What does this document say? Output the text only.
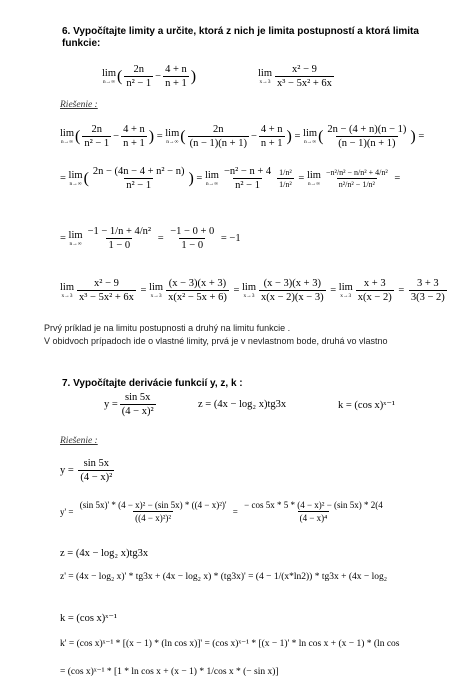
6. Vypočítajte limity a určite, ktorá z nich je limita postupností a ktorá limita funkcie:
lim
n→∞ ( $\frac{2n}{\text{n² − 1}} - \frac{4 + n}{n + 1}$ )	lim
$x\to 3 \frac{\text{x² − 9}}{\text{x³ − 5x² + 6x}}$
Riešenie :
lim
n→∞ ( $\frac{2n}{\text{n² − 1}} - \frac{4 + n}{n + 1}$ ) = lim
n→∞ ( $\frac{2n}{(n - 1)(n + 1)} - \frac{4 + n}{n + 1}$ ) = lim
n→∞ ( $\frac{2n - (4 + n)(n - 1)}{(n - 1)(n + 1)}$ ) =
= lim
n→∞ ( $\frac{\text{2n − (4n − 4 + n² − n)}}{\text{n² − 1}}$ ) = lim
$n\to\infty \frac{\text{−n² − n + 4}}{\text{n² − 1}} \frac{\text{1/n²}}{\text{1/n²}} = \lim$
$n\to\infty \frac{\text{−n²/n² − n/n² + 4/n²}}{\text{n²/n² − 1/n²}}$ =
= lim
$n\to\infty \frac{\text{−1 − 1/n + 4/n²}}{1 - 0} = \frac{-1 - 0 + 0}{1 - 0}$
= −1
lim
$x\to 3 \frac{\text{x² − 9}}{\text{x³ − 5x² + 6x}} = \lim$
$x\to 3 \frac{(x - 3)(x + 3)}{\text{x(x² − 5x + 6)}} = \lim$
$x\to 3 \frac{(x - 3)(x + 3)}{x(x - 2)(x - 3)} = \lim$
$x\to 3 \frac{x + 3}{x(x - 2)} = \frac{3 + 3}{3(3 - 2)}$
Prvý príklad je na limitu postupnosti a druhý na limitu funkcie .
V obidvoch prípadoch ide o vlastné limity, prvá je v nevlastnom bode, druhá vo vlastno
7. Vypočítajte derivácie funkcií y, z, k :
$y = \frac{\sin 5x}{\text{(4 − x)²}}$	z = (4x − log₂ x)tg3x	k = (cos x)ˣ⁻¹
Riešenie :
y =
$\frac{\sin 5x}{\text{(4 − x)²}}$
y' =
$\frac{\text{(sin 5x)' * (4 − x)² − (sin 5x) * ((4 − x)²)'}}{\text{((4 − x)²)²}} = \frac{\text{− cos 5x * 5 * (4 − x)² − (sin 5x) * 2(4}}{\text{(4 − x)⁴}}$
z = (4x − log₂ x)tg3x
z' = (4x − log₂ x)' * tg3x + (4x − log₂ x) * (tg3x)' = (4 − 1/(x*ln2)) * tg3x + (4x − log₂
k = (cos x)ˣ⁻¹
k' = (cos x)ˣ⁻¹ * [(x − 1) * (ln cos x)]' = (cos x)ˣ⁻¹ * [(x − 1)' * ln cos x + (x − 1) * (ln cos
= (cos x)ˣ⁻¹ * [1 * ln cos x + (x − 1) * 1/cos x * (− sin x)]
